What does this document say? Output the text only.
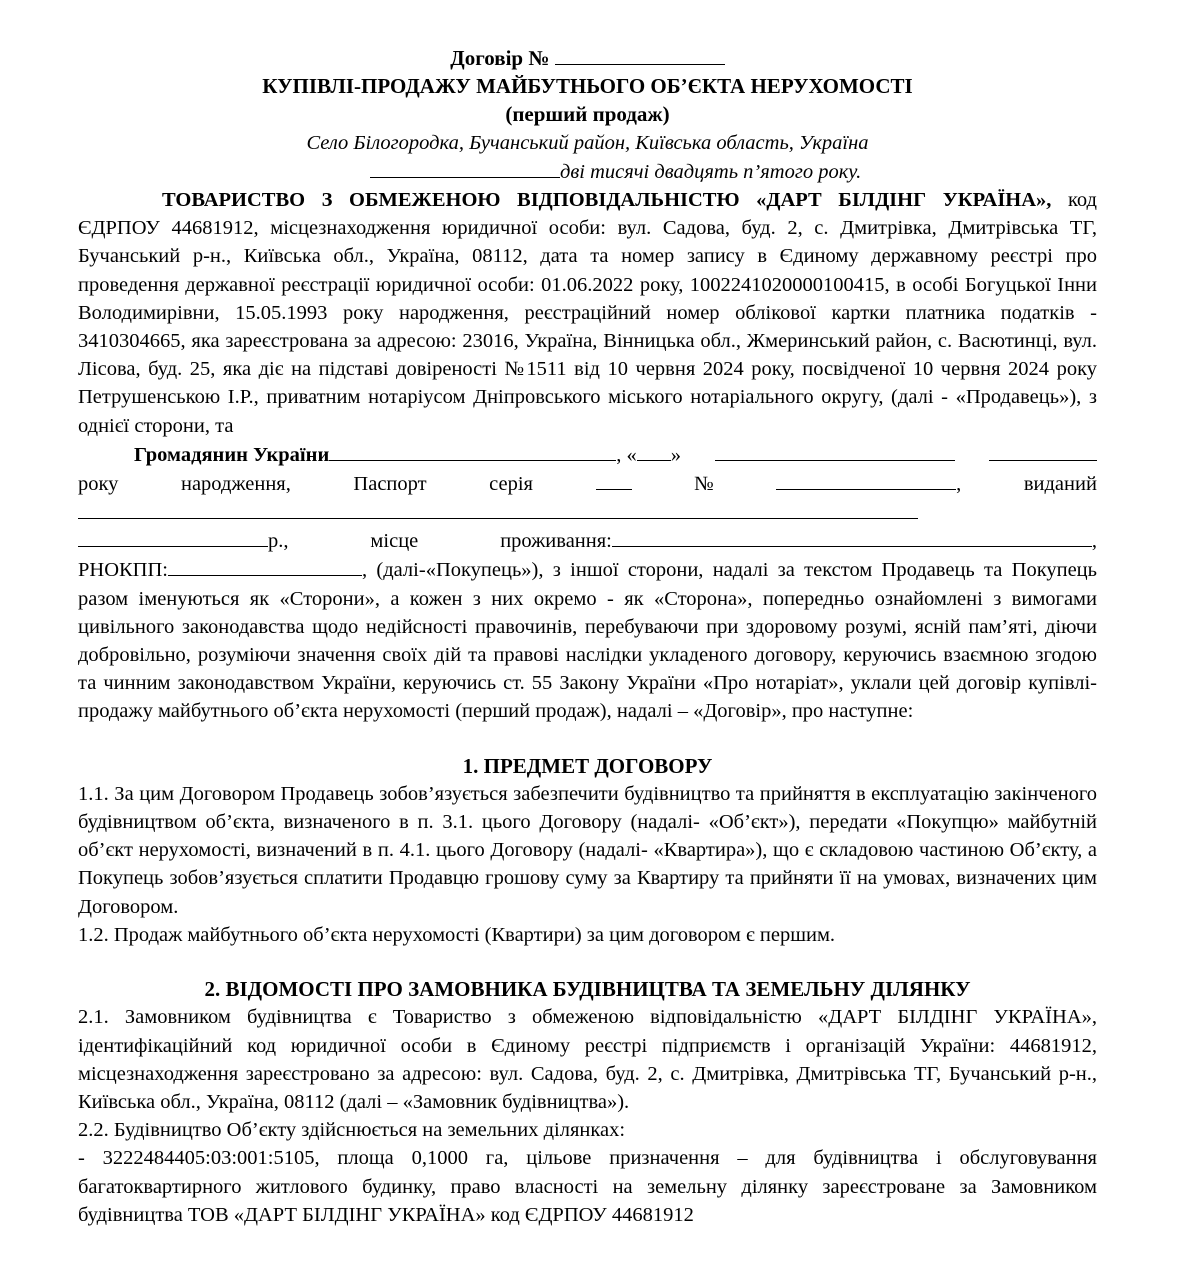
Договір №
КУПІВЛІ-ПРОДАЖУ МАЙБУТНЬОГО ОБ’ЄКТА НЕРУХОМОСТІ
(перший продаж)
Село Білогородка, Бучанський район, Київська область, Україна
дві тисячі двадцять п’ятого року.
ТОВАРИСТВО З ОБМЕЖЕНОЮ ВІДПОВІДАЛЬНІСТЮ «ДАРТ БІЛДІНГ УКРАЇНА», код ЄДРПОУ 44681912, місцезнаходження юридичної особи: вул. Садова, буд. 2, с. Дмитрівка, Дмитрівська ТГ, Бучанський р-н., Київська обл., Україна, 08112, дата та номер запису в Єдиному державному реєстрі про проведення державної реєстрації юридичної особи: 01.06.2022 року, 1002241020000100415, в особі Богуцької Інни Володимирівни, 15.05.1993 року народження, реєстраційний номер облікової картки платника податків - 3410304665, яка зареєстрована за адресою: 23016, Україна, Вінницька обл., Жмеринський район, с. Васютинці, вул. Лісова, буд. 25, яка діє на підставі довіреності №1511 від 10 червня 2024 року, посвідченої 10 червня 2024 року Петрушенською І.Р., приватним нотаріусом Дніпровського міського нотаріального округу, (далі - «Продавець»), з однієї сторони, та
Громадянин України	, « »
року	народження,	Паспорт	серія	№	,	виданий
р.,	місце	проживання:	,
РНОКПП:	, (далі-«Покупець»), з іншої сторони, надалі за текстом Продавець та Покупець разом іменуються як «Сторони», а кожен з них окремо - як «Сторона», попередньо ознайомлені з вимогами цивільного законодавства щодо недійсності правочинів, перебуваючи при здоровому розумі, ясній пам’яті, діючи добровільно, розуміючи значення своїх дій та правові наслідки укладеного договору, керуючись взаємною згодою та чинним законодавством України, керуючись ст. 55 Закону України «Про нотаріат», уклали цей договір купівлі-продажу майбутнього об’єкта нерухомості (перший продаж), надалі – «Договір», про наступне:
1. ПРЕДМЕТ ДОГОВОРУ
1.1. За цим Договором Продавець зобов’язується забезпечити будівництво та прийняття в експлуатацію закінченого будівництвом об’єкта, визначеного в п. 3.1. цього Договору (надалі- «Об’єкт»), передати «Покупцю» майбутній об’єкт нерухомості, визначений в п. 4.1. цього Договору (надалі- «Квартира»), що є складовою частиною Об’єкту, а Покупець зобов’язується сплатити Продавцю грошову суму за Квартиру та прийняти її на умовах, визначених цим Договором.
1.2. Продаж майбутнього об’єкта нерухомості (Квартири) за цим договором є першим.
2. ВІДОМОСТІ ПРО ЗАМОВНИКА БУДІВНИЦТВА ТА ЗЕМЕЛЬНУ ДІЛЯНКУ
2.1. Замовником будівництва є Товариство з обмеженою відповідальністю «ДАРТ БІЛДІНГ УКРАЇНА», ідентифікаційний код юридичної особи в Єдиному реєстрі підприємств і організацій України: 44681912, місцезнаходження зареєстровано за адресою: вул. Садова, буд. 2, с. Дмитрівка, Дмитрівська ТГ, Бучанський р-н., Київська обл., Україна, 08112 (далі – «Замовник будівництва»).
2.2. Будівництво Об’єкту здійснюється на земельних ділянках:
- 3222484405:03:001:5105, площа 0,1000 га, цільове призначення – для будівництва і обслуговування багатоквартирного житлового будинку, право власності на земельну ділянку зареєстроване за Замовником будівництва ТОВ «ДАРТ БІЛДІНГ УКРАЇНА» код ЄДРПОУ 44681912
